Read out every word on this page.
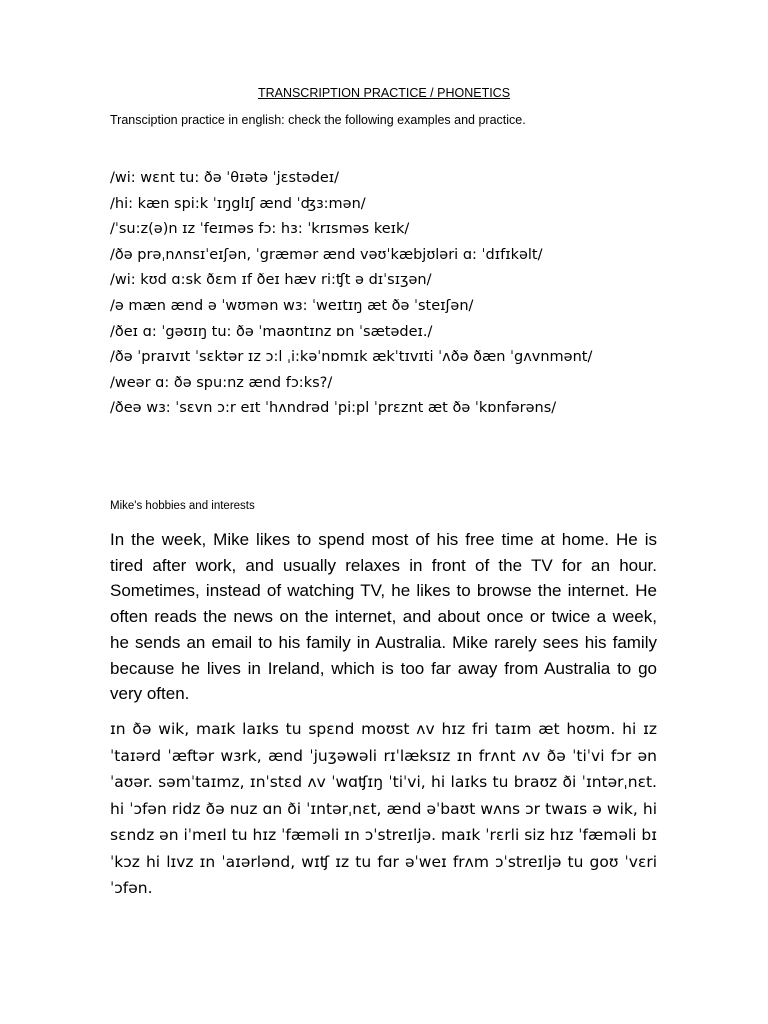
TRANSCRIPTION PRACTICE / PHONETICS
Transciption practice in english: check the following examples and practice.
/wi: wɛnt tu: ðə ˈθɪətə ˈjɛstədeɪ/
/hi: kæn spi:k ˈɪŋglɪʃ ænd ˈʤɜ:mən/
/ˈsu:z(ə)n ɪz ˈfeɪməs fɔ: hɜ: ˈkrɪsməs keɪk/
/ðə prəˌnʌnsɪˈeɪʃən, ˈgræmər ænd vəʊˈkæbjʊləri ɑ: ˈdɪfɪkəlt/
/wi: kʊd ɑ:sk ðɛm ɪf ðeɪ hæv ri:ʧt ə dɪˈsɪʒən/
/ə mæn ænd ə ˈwʊmən wɜ: ˈweɪtɪŋ æt ðə ˈsteɪʃən/
/ðeɪ ɑ: ˈgəʊɪŋ tu: ðə ˈmaʊntɪnz ɒn ˈsætədeɪ./
/ðə ˈpraɪvɪt ˈsɛktər ɪz ɔ:l ˌi:kəˈnɒmɪk ækˈtɪvɪti ˈʌðə ðæn ˈgʌvnmənt/
/weər ɑ: ðə spu:nz ænd fɔ:ks?/
/ðeə wɜ: ˈsɛvn ɔ:r eɪt ˈhʌndrəd ˈpi:pl ˈprɛznt æt ðə ˈkɒnfərəns/
Mike's hobbies and interests
In the week, Mike likes to spend most of his free time at home. He is tired after work, and usually relaxes in front of the TV for an hour. Sometimes, instead of watching TV, he likes to browse the internet. He often reads the news on the internet, and about once or twice a week, he sends an email to his family in Australia. Mike rarely sees his family because he lives in Ireland, which is too far away from Australia to go very often.
ɪn ðə wik, maɪk laɪks tu spɛnd moʊst ʌv hɪz fri taɪm æt hoʊm. hi ɪz ˈtaɪərd ˈæftər wɜrk, ænd ˈjuʒəwəli rɪˈlæksɪz ɪn frʌnt ʌv ðə ˈtiˈvi fɔr ən ˈaʊər. səmˈtaɪmz, ɪnˈstɛd ʌv ˈwɑʧɪŋ ˈtiˈvi, hi laɪks tu braʊz ði ˈɪntərˌnɛt. hi ˈɔfən ridz ðə nuz ɑn ði ˈɪntərˌnɛt, ænd əˈbaʊt wʌns ɔr twaɪs ə wik, hi sɛndz ən iˈmeɪl tu hɪz ˈfæməli ɪn ɔˈstreɪljə. maɪk ˈrɛrli siz hɪz ˈfæməli bɪˈkɔz hi lɪvz ɪn ˈaɪərlənd, wɪʧ ɪz tu fɑr əˈweɪ frʌm ɔˈstreɪljə tu goʊ ˈvɛri ˈɔfən.
